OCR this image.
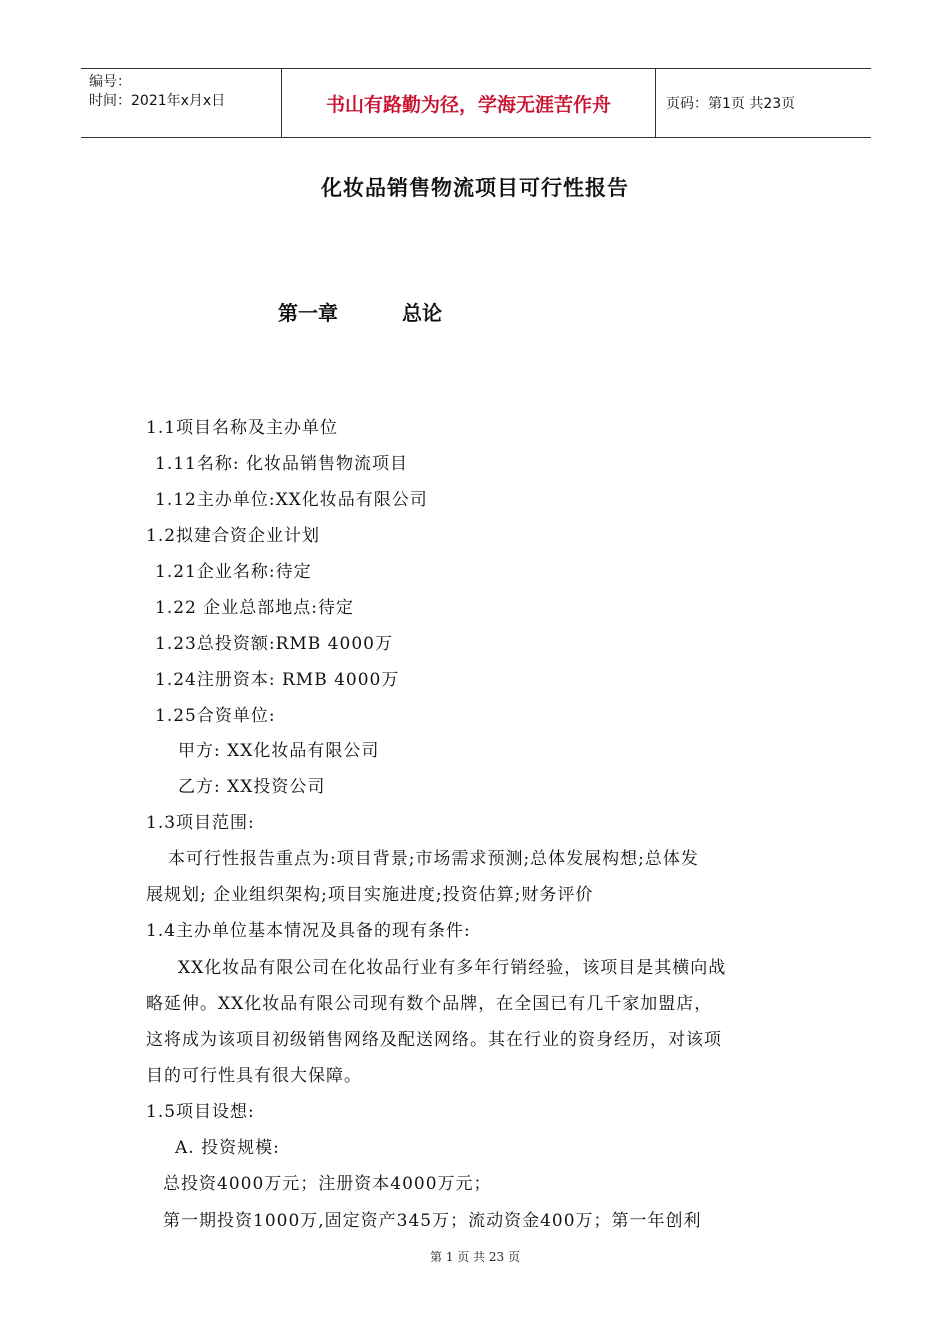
编号：
时间：2021年x月x日	书山有路勤为径，学海无涯苦作舟	页码：第1页 共23页
化妆品销售物流项目可行性报告
第一章	总论
1.1项目名称及主办单位
1.11名称: 化妆品销售物流项目
1.12主办单位:XX化妆品有限公司
1.2拟建合资企业计划
1.21企业名称:待定
1.22 企业总部地点:待定
1.23总投资额:RMB 4000万
1.24注册资本: RMB 4000万
1.25合资单位:
甲方: XX化妆品有限公司
乙方: XX投资公司
1.3项目范围:
本可行性报告重点为:项目背景;市场需求预测;总体发展构想;总体发
展规划; 企业组织架构;项目实施进度;投资估算;财务评价
1.4主办单位基本情况及具备的现有条件:
XX化妆品有限公司在化妆品行业有多年行销经验，该项目是其横向战
略延伸。XX化妆品有限公司现有数个品牌，在全国已有几千家加盟店，
这将成为该项目初级销售网络及配送网络。其在行业的资身经历，对该项
目的可行性具有很大保障。
1.5项目设想:
A. 投资规模:
总投资4000万元；注册资本4000万元；
第一期投资1000万,固定资产345万；流动资金400万；第一年创利
第 1 页 共 23 页
